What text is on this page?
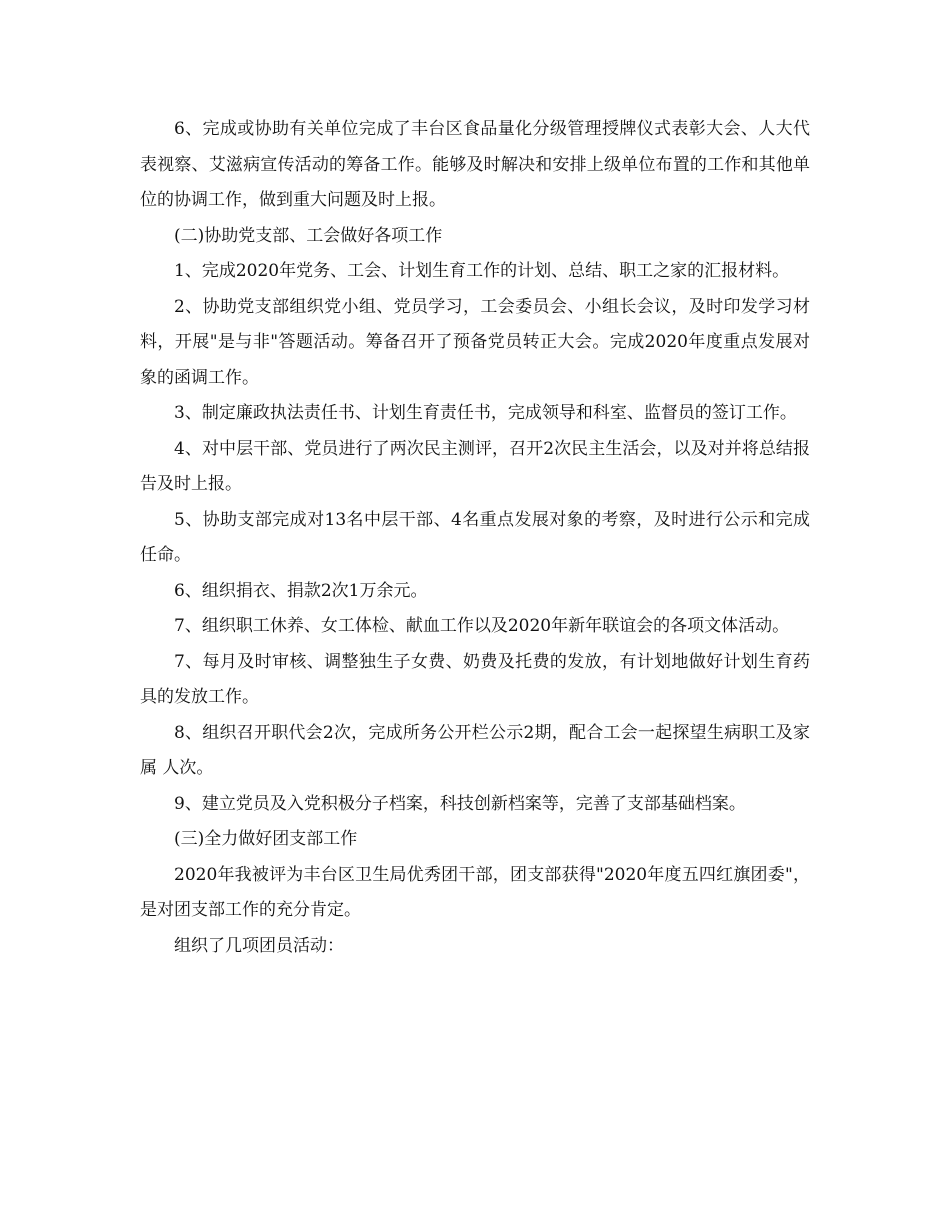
6、完成或协助有关单位完成了丰台区食品量化分级管理授牌仪式表彰大会、人大代表视察、艾滋病宣传活动的筹备工作。能够及时解决和安排上级单位布置的工作和其他单位的协调工作，做到重大问题及时上报。

(二)协助党支部、工会做好各项工作

1、完成2020年党务、工会、计划生育工作的计划、总结、职工之家的汇报材料。

2、协助党支部组织党小组、党员学习，工会委员会、小组长会议，及时印发学习材料，开展"是与非"答题活动。筹备召开了预备党员转正大会。完成2020年度重点发展对象的函调工作。

3、制定廉政执法责任书、计划生育责任书，完成领导和科室、监督员的签订工作。

4、对中层干部、党员进行了两次民主测评，召开2次民主生活会，以及对并将总结报告及时上报。

5、协助支部完成对13名中层干部、4名重点发展对象的考察，及时进行公示和完成任命。

6、组织捐衣、捐款2次1万余元。

7、组织职工休养、女工体检、献血工作以及2020年新年联谊会的各项文体活动。

7、每月及时审核、调整独生子女费、奶费及托费的发放，有计划地做好计划生育药具的发放工作。

8、组织召开职代会2次，完成所务公开栏公示2期，配合工会一起探望生病职工及家属 人次。

9、建立党员及入党积极分子档案，科技创新档案等，完善了支部基础档案。

(三)全力做好团支部工作

2020年我被评为丰台区卫生局优秀团干部，团支部获得"2020年度五四红旗团委"， 是对团支部工作的充分肯定。

组织了几项团员活动：
